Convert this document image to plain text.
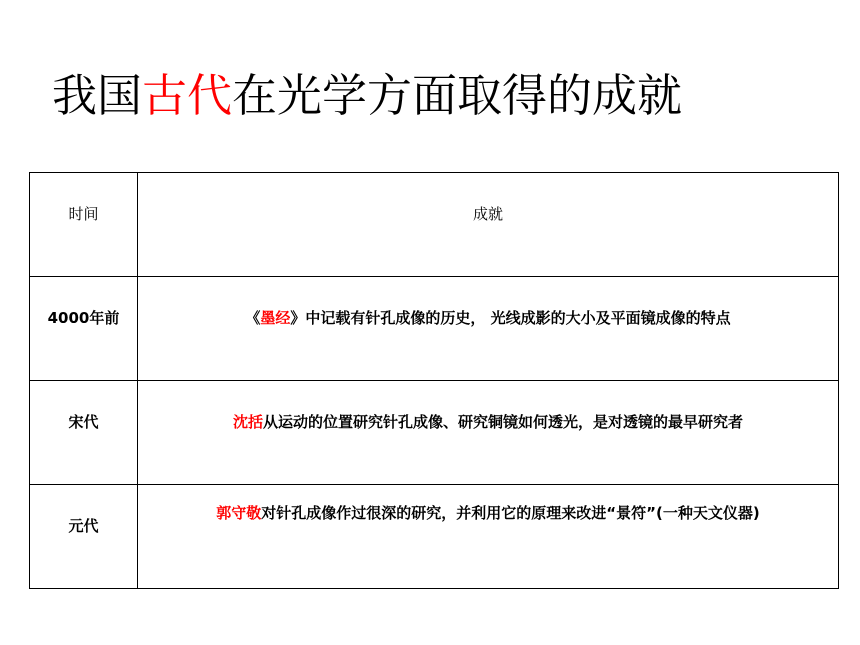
我国古代在光学方面取得的成就
时间	成就

4000年前	《墨经》中记载有针孔成像的历史， 光线成影的大小及平面镜成像的特点

宋代	沈括从运动的位置研究针孔成像、研究铜镜如何透光，是对透镜的最早研究者

元代	郭守敬对针孔成像作过很深的研究，并利用它的原理来改进“景符”(一种天文仪器)
